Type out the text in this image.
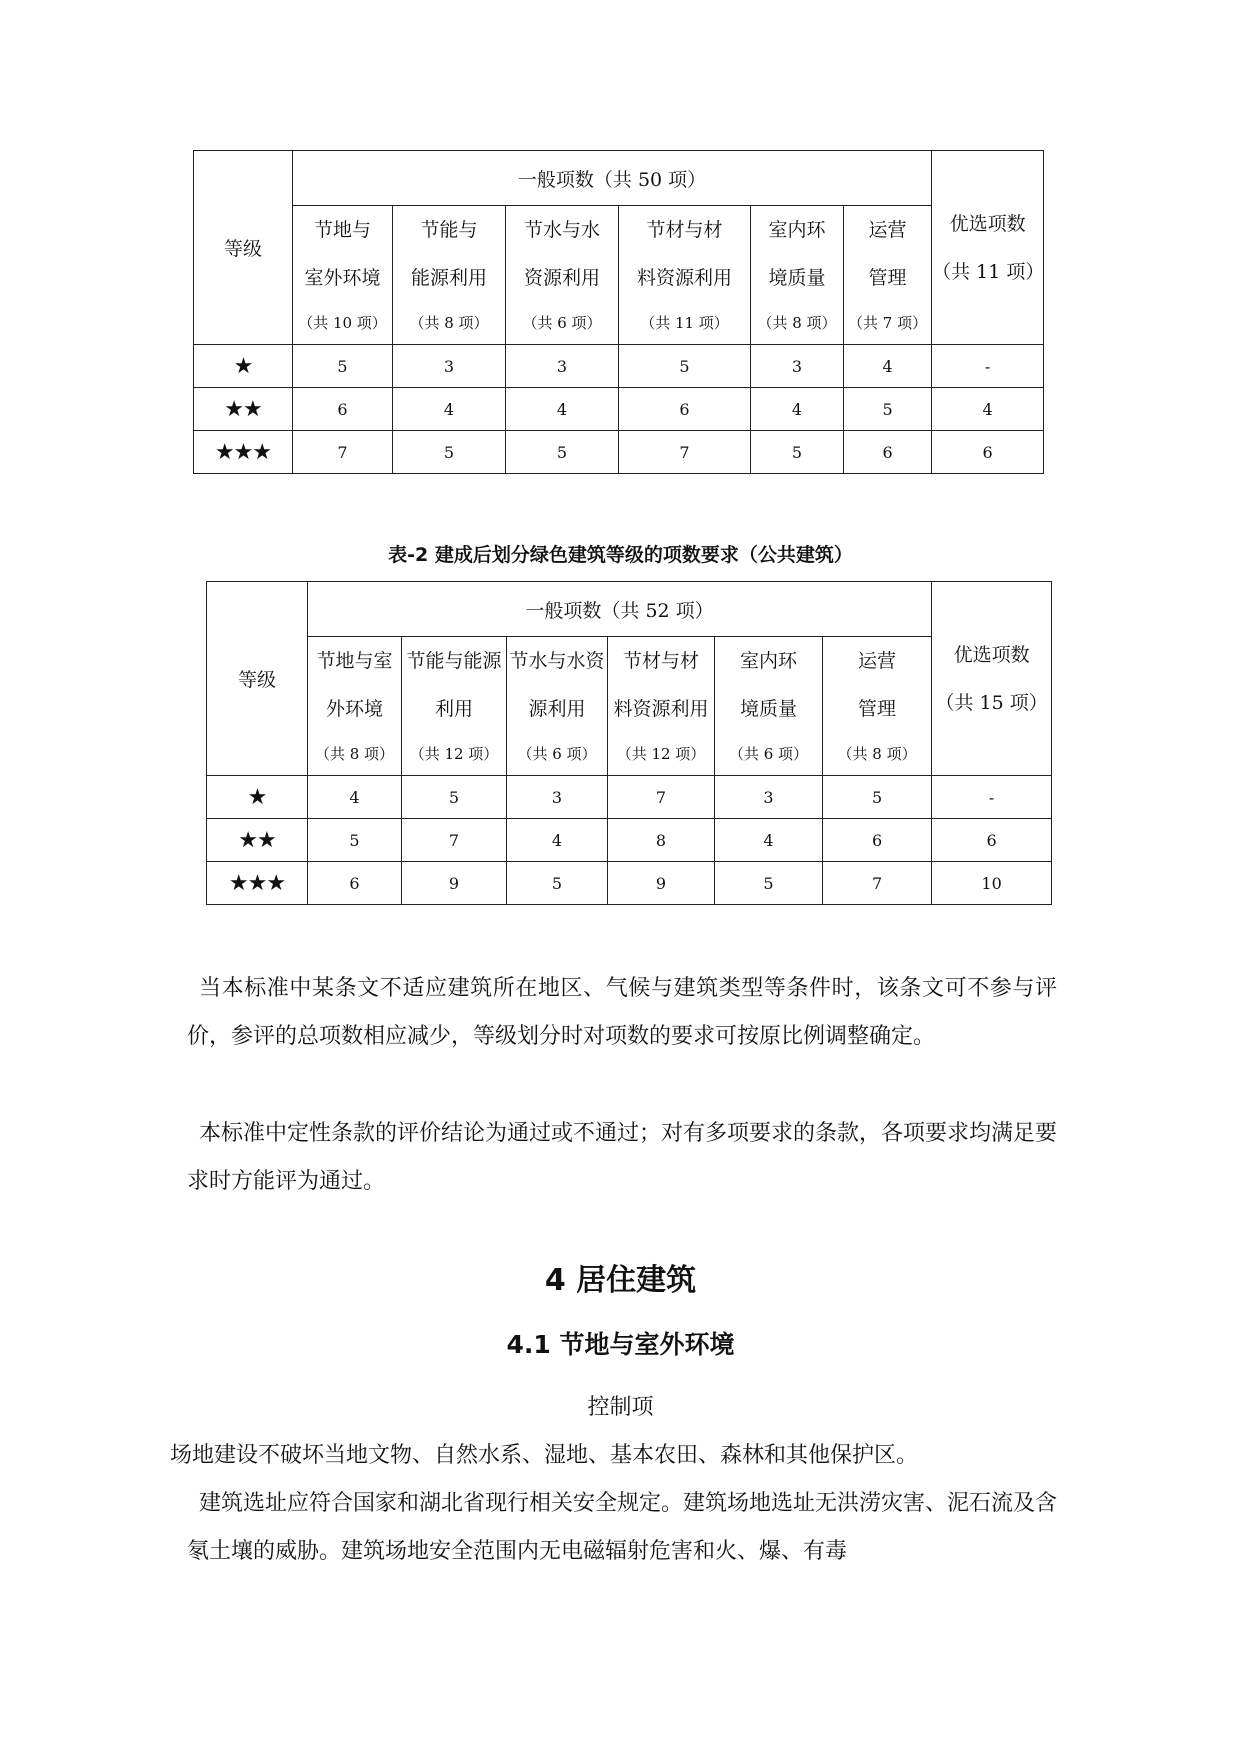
等级	一般项数（共 50 项）						优选项数
（共 11 项）

	节地与
室外环境
（共 10 项）	节能与
能源利用
（共 8 项）	节水与水
资源利用
（共 6 项）	节材与材
料资源利用
（共 11 项）	室内环
境质量
（共 8 项）	运营
管理
（共 7 项）	

★	5	3	3	5	3	4	-
★★	6	4	4	6	4	5	4
★★★	7	5	5	7	5	6	6
表-2 建成后划分绿色建筑等级的项数要求（公共建筑）
等级	一般项数（共 52 项）						优选项数
（共 15 项）

	节地与室
外环境
（共 8 项）	节能与能源
利用
（共 12 项）	节水与水资
源利用
（共 6 项）	节材与材
料资源利用
（共 12 项）	室内环
境质量
（共 6 项）	运营
管理
（共 8 项）	

★	4	5	3	7	3	5	-
★★	5	7	4	8	4	6	6
★★★	6	9	5	9	5	7	10

当本标准中某条文不适应建筑所在地区、气候与建筑类型等条件时，该条文可不参与评价，参评的总项数相应减少，等级划分时对项数的要求可按原比例调整确定。

本标准中定性条款的评价结论为通过或不通过；对有多项要求的条款，各项要求均满足要求时方能评为通过。

4 居住建筑
4.1 节地与室外环境
控制项

场地建设不破坏当地文物、自然水系、湿地、基本农田、森林和其他保护区。

建筑选址应符合国家和湖北省现行相关安全规定。建筑场地选址无洪涝灾害、泥石流及含氡土壤的威胁。建筑场地安全范围内无电磁辐射危害和火、爆、有毒
